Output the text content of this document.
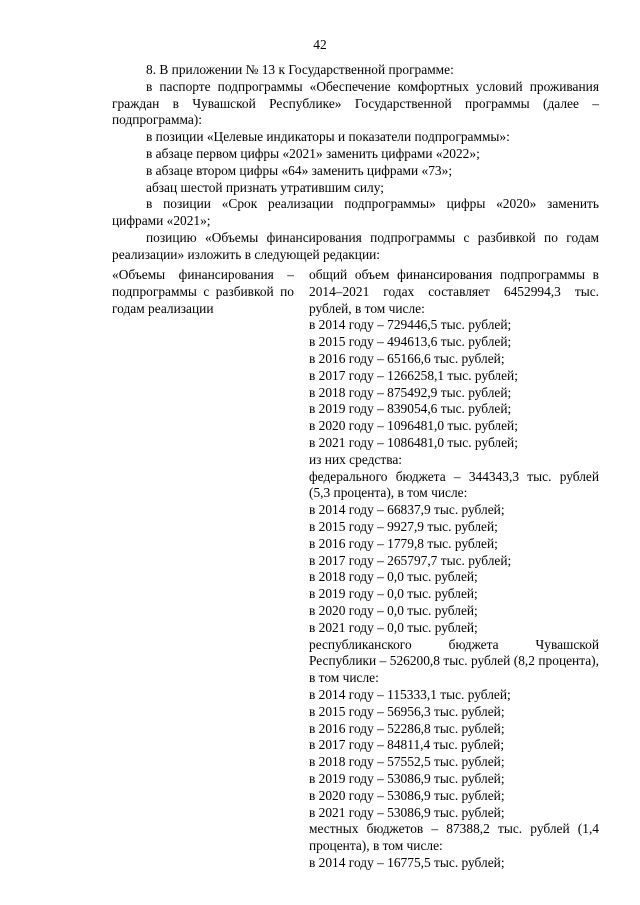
42

8. В приложении № 13 к Государственной программе:

в паспорте подпрограммы «Обеспечение комфортных условий проживания граждан в Чувашской Республике» Государственной программы (далее – подпрограмма):

в позиции «Целевые индикаторы и показатели подпрограммы»:

в абзаце первом цифры «2021» заменить цифрами «2022»;

в абзаце втором цифры «64» заменить цифрами «73»;

абзац шестой признать утратившим силу;

в позиции «Срок реализации подпрограммы» цифры «2020» заменить цифрами «2021»;

позицию «Объемы финансирования подпрограммы с разбивкой по годам реализации» изложить в следующей редакции:

«Объемы финансирования – подпрограммы с разбивкой по годам реализации
общий объем финансирования подпрограммы в 2014–2021 годах составляет 6452994,3 тыс. рублей, в том числе:
в 2014 году – 729446,5 тыс. рублей;
в 2015 году – 494613,6 тыс. рублей;
в 2016 году – 65166,6 тыс. рублей;
в 2017 году – 1266258,1 тыс. рублей;
в 2018 году – 875492,9 тыс. рублей;
в 2019 году – 839054,6 тыс. рублей;
в 2020 году – 1096481,0 тыс. рублей;
в 2021 году – 1086481,0 тыс. рублей;
из них средства:
федерального бюджета – 344343,3 тыс. рублей (5,3 процента), в том числе:
в 2014 году – 66837,9 тыс. рублей;
в 2015 году – 9927,9 тыс. рублей;
в 2016 году – 1779,8 тыс. рублей;
в 2017 году – 265797,7 тыс. рублей;
в 2018 году – 0,0 тыс. рублей;
в 2019 году – 0,0 тыс. рублей;
в 2020 году – 0,0 тыс. рублей;
в 2021 году – 0,0 тыс. рублей;
республиканского бюджета Чувашской Республики – 526200,8 тыс. рублей (8,2 процента), в том числе:
в 2014 году – 115333,1 тыс. рублей;
в 2015 году – 56956,3 тыс. рублей;
в 2016 году – 52286,8 тыс. рублей;
в 2017 году – 84811,4 тыс. рублей;
в 2018 году – 57552,5 тыс. рублей;
в 2019 году – 53086,9 тыс. рублей;
в 2020 году – 53086,9 тыс. рублей;
в 2021 году – 53086,9 тыс. рублей;
местных бюджетов – 87388,2 тыс. рублей (1,4 процента), в том числе:
в 2014 году – 16775,5 тыс. рублей;
